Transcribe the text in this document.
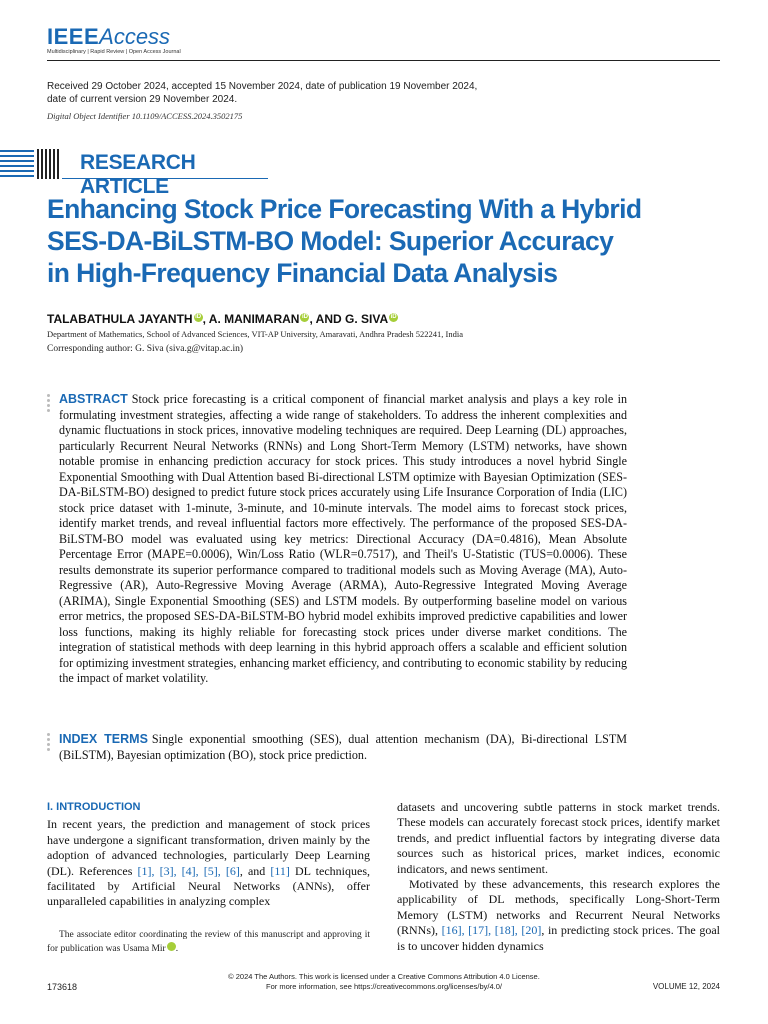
IEEEAccess
Multidisciplinary | Rapid Review | Open Access Journal
Received 29 October 2024, accepted 15 November 2024, date of publication 19 November 2024,
date of current version 29 November 2024.
Digital Object Identifier 10.1109/ACCESS.2024.3502175
RESEARCH ARTICLE
Enhancing Stock Price Forecasting With a Hybrid
SES-DA-BiLSTM-BO Model: Superior Accuracy
in High-Frequency Financial Data Analysis
TALABATHULA JAYANTH iD , A. MANIMARAN iD , AND G. SIVA iD
Department of Mathematics, School of Advanced Sciences, VIT-AP University, Amaravati, Andhra Pradesh 522241, India
Corresponding author: G. Siva (siva.g@vitap.ac.in)
ABSTRACT Stock price forecasting is a critical component of financial market analysis and plays a key role in formulating investment strategies, affecting a wide range of stakeholders. To address the inherent complexities and dynamic fluctuations in stock prices, innovative modeling techniques are required. Deep Learning (DL) approaches, particularly Recurrent Neural Networks (RNNs) and Long Short-Term Memory (LSTM) networks, have shown notable promise in enhancing prediction accuracy for stock prices. This study introduces a novel hybrid Single Exponential Smoothing with Dual Attention based Bi-directional LSTM optimize with Bayesian Optimization (SES-DA-BiLSTM-BO) designed to predict future stock prices accurately using Life Insurance Corporation of India (LIC) stock price dataset with 1-minute, 3-minute, and 10-minute intervals. The model aims to forecast stock prices, identify market trends, and reveal influential factors more effectively. The performance of the proposed SES-DA-BiLSTM-BO model was evaluated using key metrics: Directional Accuracy (DA=0.4816), Mean Absolute Percentage Error (MAPE=0.0006), Win/Loss Ratio (WLR=0.7517), and Theil's U-Statistic (TUS=0.0006). These results demonstrate its superior performance compared to traditional models such as Moving Average (MA), Auto-Regressive (AR), Auto-Regressive Moving Average (ARMA), Auto-Regressive Integrated Moving Average (ARIMA), Single Exponential Smoothing (SES) and LSTM models. By outperforming baseline model on various error metrics, the proposed SES-DA-BiLSTM-BO hybrid model exhibits improved predictive capabilities and lower loss functions, making its highly reliable for forecasting stock prices under diverse market conditions. The integration of statistical methods with deep learning in this hybrid approach offers a scalable and efficient solution for optimizing investment strategies, enhancing market efficiency, and contributing to economic stability by reducing the impact of market volatility.
INDEX TERMS Single exponential smoothing (SES), dual attention mechanism (DA), Bi-directional LSTM (BiLSTM), Bayesian optimization (BO), stock price prediction.
I. INTRODUCTION

In recent years, the prediction and management of stock prices have undergone a significant transformation, driven mainly by the adoption of advanced technologies, particularly Deep Learning (DL). References [1], [3], [4], [5], [6], and [11] DL techniques, facilitated by Artificial Neural Networks (ANNs), offer unparalleled capabilities in analyzing complex

The associate editor coordinating the review of this manuscript and approving it for publication was Usama Mir iD.

datasets and uncovering subtle patterns in stock market trends. These models can accurately forecast stock prices, identify market trends, and predict influential factors by integrating diverse data sources such as historical prices, market indices, economic indicators, and news sentiment.

Motivated by these advancements, this research explores the applicability of DL methods, specifically Long-Short-Term Memory (LSTM) networks and Recurrent Neural Networks (RNNs), [16], [17], [18], [20], in predicting stock prices. The goal is to uncover hidden dynamics

© 2024 The Authors. This work is licensed under a Creative Commons Attribution 4.0 License.
For more information, see https://creativecommons.org/licenses/by/4.0/
173618	VOLUME 12, 2024
